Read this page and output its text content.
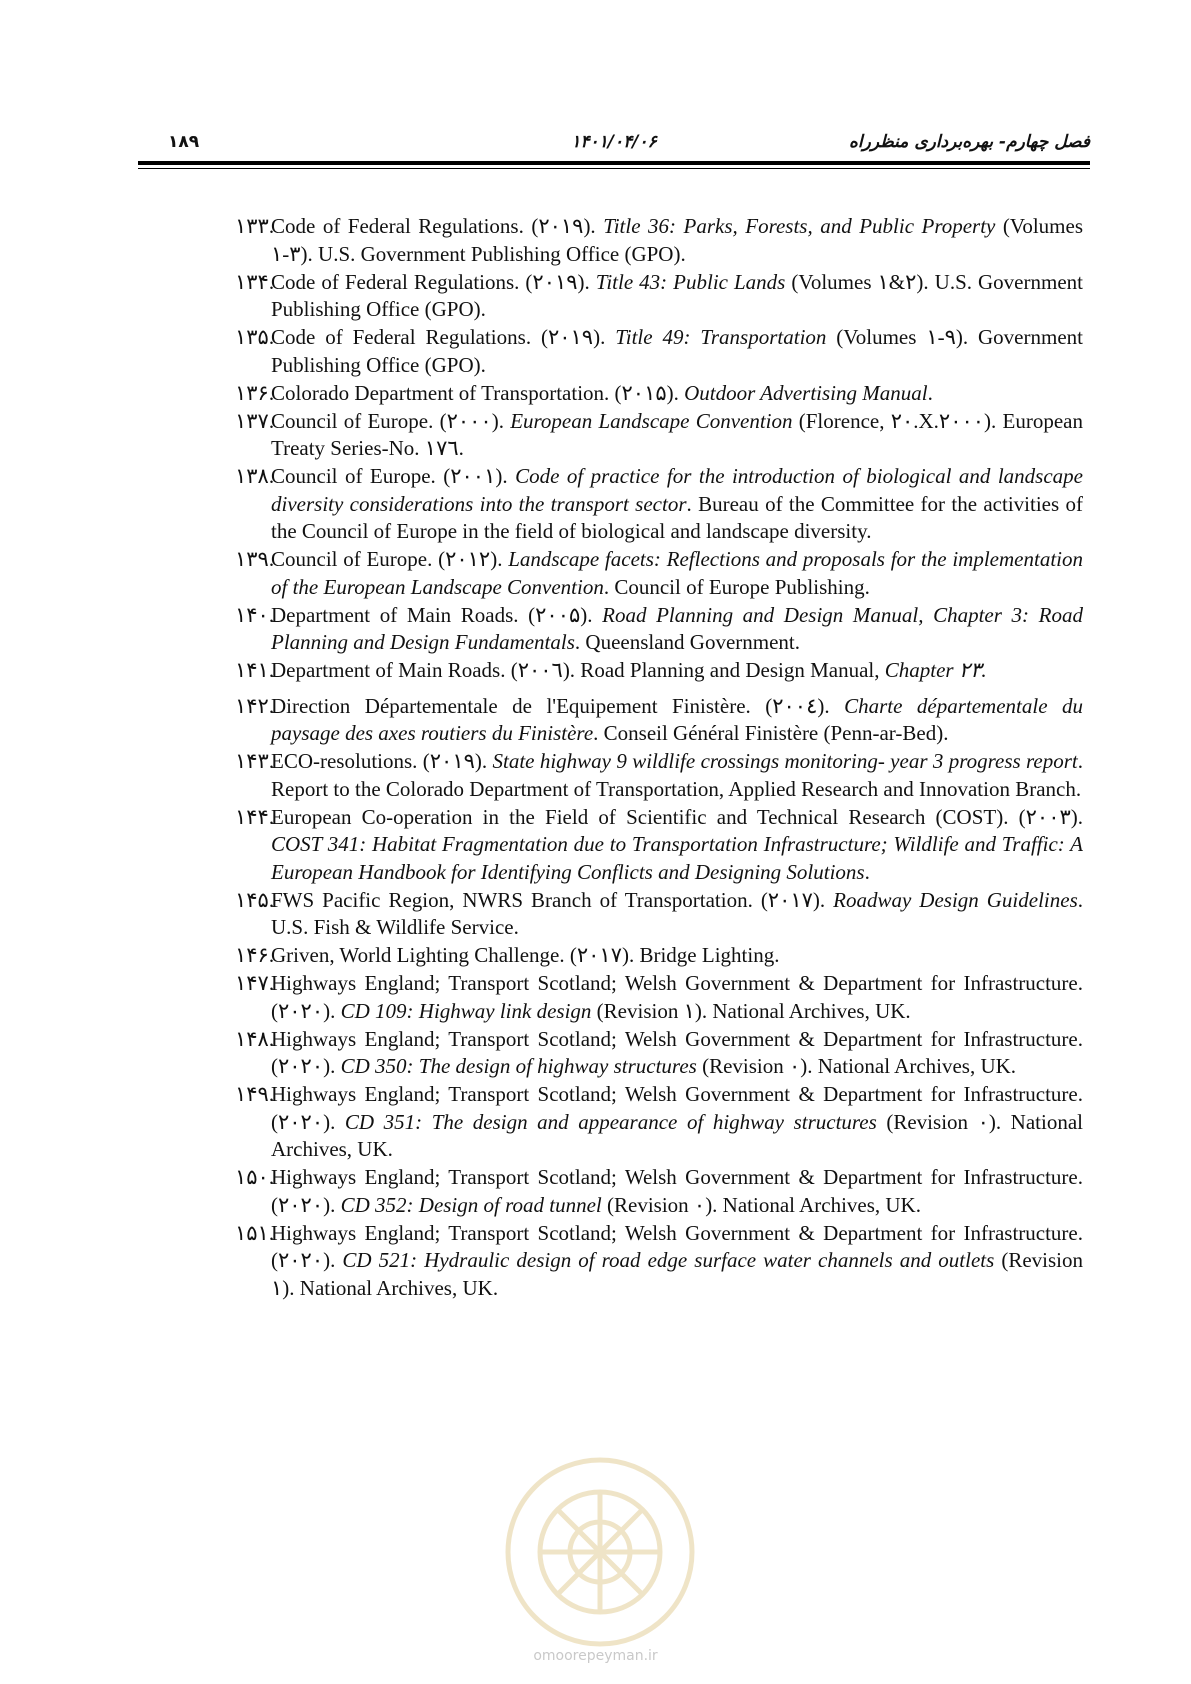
۱۸۹	۱۴۰۱/۰۴/۰۶	فصل چهارم- بهره‌برداری منظرراه
۱۳۳.
Code of Federal Regulations. (۲۰۱۹). Title 36: Parks, Forests, and Public Property (Volumes ۱-۳). U.S. Government Publishing Office (GPO).
۱۳۴.
Code of Federal Regulations. (۲۰۱۹). Title 43: Public Lands (Volumes ۱&۲). U.S. Government Publishing Office (GPO).
۱۳۵.
Code of Federal Regulations. (۲۰۱۹). Title 49: Transportation (Volumes ۱-۹). Government Publishing Office (GPO).
۱۳۶.
Colorado Department of Transportation. (۲۰۱۵). Outdoor Advertising Manual.
۱۳۷.
Council of Europe. (۲۰۰۰). European Landscape Convention (Florence, ۲۰.X.۲۰۰۰). European Treaty Series-No. ۱۷٦.
۱۳۸.
Council of Europe. (۲۰۰۱). Code of practice for the introduction of biological and landscape diversity considerations into the transport sector. Bureau of the Committee for the activities of the Council of Europe in the field of biological and landscape diversity.
۱۳۹.
Council of Europe. (۲۰۱۲). Landscape facets: Reflections and proposals for the implementation of the European Landscape Convention. Council of Europe Publishing.
۱۴۰.
Department of Main Roads. (۲۰۰۵). Road Planning and Design Manual, Chapter 3: Road Planning and Design Fundamentals. Queensland Government.
۱۴۱.
Department of Main Roads. (۲۰۰٦). Road Planning and Design Manual, Chapter ۲۳.
۱۴۲.
Direction Départementale de l'Equipement Finistère. (۲۰۰٤). Charte départementale du paysage des axes routiers du Finistère. Conseil Général Finistère (Penn-ar-Bed).
۱۴۳.
ECO-resolutions. (۲۰۱۹). State highway 9 wildlife crossings monitoring- year 3 progress report. Report to the Colorado Department of Transportation, Applied Research and Innovation Branch.
۱۴۴.
European Co-operation in the Field of Scientific and Technical Research (COST). (۲۰۰۳). COST 341: Habitat Fragmentation due to Transportation Infrastructure; Wildlife and Traffic: A European Handbook for Identifying Conflicts and Designing Solutions.
۱۴۵.
FWS Pacific Region, NWRS Branch of Transportation. (۲۰۱۷). Roadway Design Guidelines. U.S. Fish & Wildlife Service.
۱۴۶.
Griven, World Lighting Challenge. (۲۰۱۷). Bridge Lighting.
۱۴۷.
Highways England; Transport Scotland; Welsh Government & Department for Infrastructure. (۲۰۲۰). CD 109: Highway link design (Revision ۱). National Archives, UK.
۱۴۸.
Highways England; Transport Scotland; Welsh Government & Department for Infrastructure. (۲۰۲۰). CD 350: The design of highway structures (Revision ۰). National Archives, UK.
۱۴۹.
Highways England; Transport Scotland; Welsh Government & Department for Infrastructure. (۲۰۲۰). CD 351: The design and appearance of highway structures (Revision ۰). National Archives, UK.
۱۵۰.
Highways England; Transport Scotland; Welsh Government & Department for Infrastructure. (۲۰۲۰). CD 352: Design of road tunnel (Revision ۰). National Archives, UK.
۱۵۱.
Highways England; Transport Scotland; Welsh Government & Department for Infrastructure. (۲۰۲۰). CD 521: Hydraulic design of road edge surface water channels and outlets (Revision ۱). National Archives, UK.
omoorepeyman.ir
